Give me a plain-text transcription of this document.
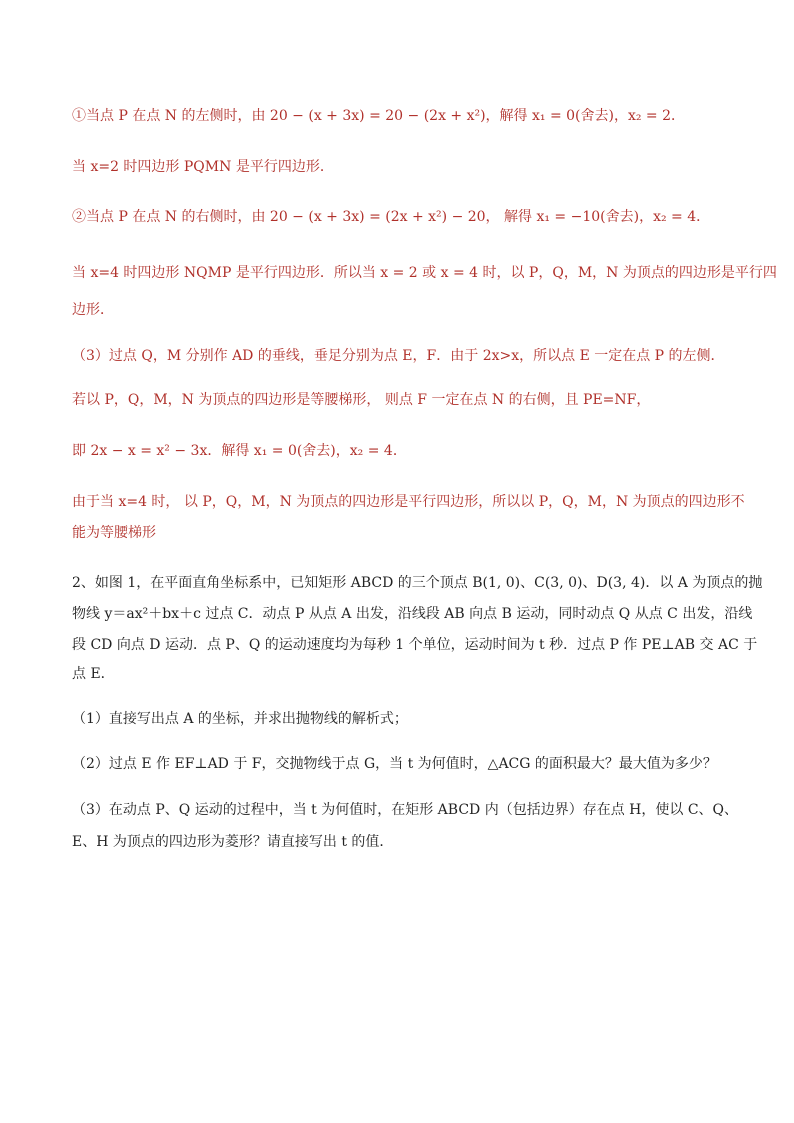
①当点 P 在点 N 的左侧时，由 20 − (x + 3x) = 20 − (2x + x²)，解得 x₁ = 0(舍去)，x₂ = 2．
当 x=2 时四边形 PQMN 是平行四边形．
②当点 P 在点 N 的右侧时，由 20 − (x + 3x) = (2x + x²) − 20， 解得 x₁ = −10(舍去)，x₂ = 4．
当 x=4 时四边形 NQMP 是平行四边形．所以当 x = 2 或 x = 4 时，以 P，Q，M，N 为顶点的四边形是平行四
边形．
（3）过点 Q，M 分别作 AD 的垂线，垂足分别为点 E，F．由于 2x>x，所以点 E 一定在点 P 的左侧．
若以 P，Q，M，N 为顶点的四边形是等腰梯形， 则点 F 一定在点 N 的右侧，且 PE=NF，
即 2x − x = x² − 3x．解得 x₁ = 0(舍去)，x₂ = 4．
由于当 x=4 时， 以 P，Q，M，N 为顶点的四边形是平行四边形，所以以 P，Q，M，N 为顶点的四边形不
能为等腰梯形
2、如图 1，在平面直角坐标系中，已知矩形 ABCD 的三个顶点 B(1, 0)、C(3, 0)、D(3, 4)．以 A 为顶点的抛
物线 y＝ax²＋bx＋c 过点 C．动点 P 从点 A 出发，沿线段 AB 向点 B 运动，同时动点 Q 从点 C 出发，沿线
段 CD 向点 D 运动．点 P、Q 的运动速度均为每秒 1 个单位，运动时间为 t 秒．过点 P 作 PE⊥AB 交 AC 于
点 E．
（1）直接写出点 A 的坐标，并求出抛物线的解析式；
（2）过点 E 作 EF⊥AD 于 F，交抛物线于点 G，当 t 为何值时，△ACG 的面积最大？最大值为多少？
（3）在动点 P、Q 运动的过程中，当 t 为何值时，在矩形 ABCD 内（包括边界）存在点 H，使以 C、Q、
E、H 为顶点的四边形为菱形？请直接写出 t 的值．
